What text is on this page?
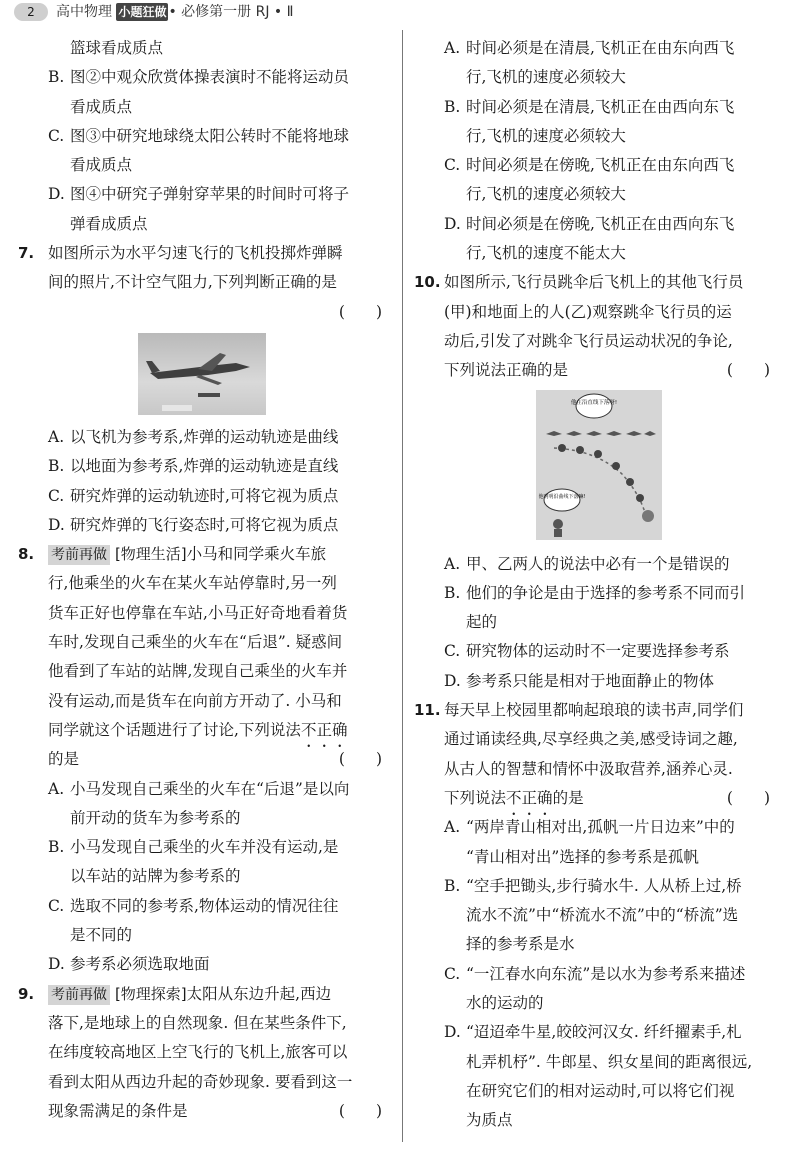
2	高中物理 小题狂做 • 必修第一册 RJ • Ⅱ
篮球看成质点
B. 图②中观众欣赏体操表演时不能将运动员
看成质点
C. 图③中研究地球绕太阳公转时不能将地球
看成质点
D. 图④中研究子弹射穿苹果的时间时可将子
弹看成质点
7. 如图所示为水平匀速飞行的飞机投掷炸弹瞬
间的照片,不计空气阻力,下列判断正确的是
(　　)
A. 以飞机为参考系,炸弹的运动轨迹是曲线
B. 以地面为参考系,炸弹的运动轨迹是直线
C. 研究炸弹的运动轨迹时,可将它视为质点
D. 研究炸弹的飞行姿态时,可将它视为质点
8. 考前再做 [物理生活]小马和同学乘火车旅
行,他乘坐的火车在某火车站停靠时,另一列
货车正好也停靠在车站,小马正好奇地看着货
车时,发现自己乘坐的火车在“后退”. 疑惑间
他看到了车站的站牌,发现自己乘坐的火车并
没有运动,而是货车在向前方开动了. 小马和
同学就这个话题进行了讨论,下列说法不正确
的是	(　　)
A. 小马发现自己乘坐的火车在“后退”是以向
前开动的货车为参考系的
B. 小马发现自己乘坐的火车并没有运动,是
以车站的站牌为参考系的
C. 选取不同的参考系,物体运动的情况往往
是不同的
D. 参考系必须选取地面
9. 考前再做 [物理探索]太阳从东边升起,西边
落下,是地球上的自然现象. 但在某些条件下,
在纬度较高地区上空飞行的飞机上,旅客可以
看到太阳从西边升起的奇妙现象. 要看到这一
现象需满足的条件是	(　　)
A. 时间必须是在清晨,飞机正在由东向西飞
行,飞机的速度必须较大
B. 时间必须是在清晨,飞机正在由西向东飞
行,飞机的速度必须较大
C. 时间必须是在傍晚,飞机正在由东向西飞
行,飞机的速度必须较大
D. 时间必须是在傍晚,飞机正在由西向东飞
行,飞机的速度不能太大
10. 如图所示,飞行员跳伞后飞机上的其他飞行员
(甲)和地面上的人(乙)观察跳伞飞行员的运
动后,引发了对跳伞飞行员运动状况的争论,
下列说法正确的是	(　　)
他在沿直线下落呀!
他明明沿曲线下落嘛!
A. 甲、乙两人的说法中必有一个是错误的
B. 他们的争论是由于选择的参考系不同而引
起的
C. 研究物体的运动时不一定要选择参考系
D. 参考系只能是相对于地面静止的物体
11. 每天早上校园里都响起琅琅的读书声,同学们
通过诵读经典,尽享经典之美,感受诗词之趣,
从古人的智慧和情怀中汲取营养,涵养心灵.
下列说法不正确的是	(　　)
A. “两岸青山相对出,孤帆一片日边来”中的
“青山相对出”选择的参考系是孤帆
B. “空手把锄头,步行骑水牛. 人从桥上过,桥
流水不流”中“桥流水不流”中的“桥流”选
择的参考系是水
C. “一江春水向东流”是以水为参考系来描述
水的运动的
D. “迢迢牵牛星,皎皎河汉女. 纤纤擢素手,札
札弄机杼”. 牛郎星、织女星间的距离很远,
在研究它们的相对运动时,可以将它们视
为质点
